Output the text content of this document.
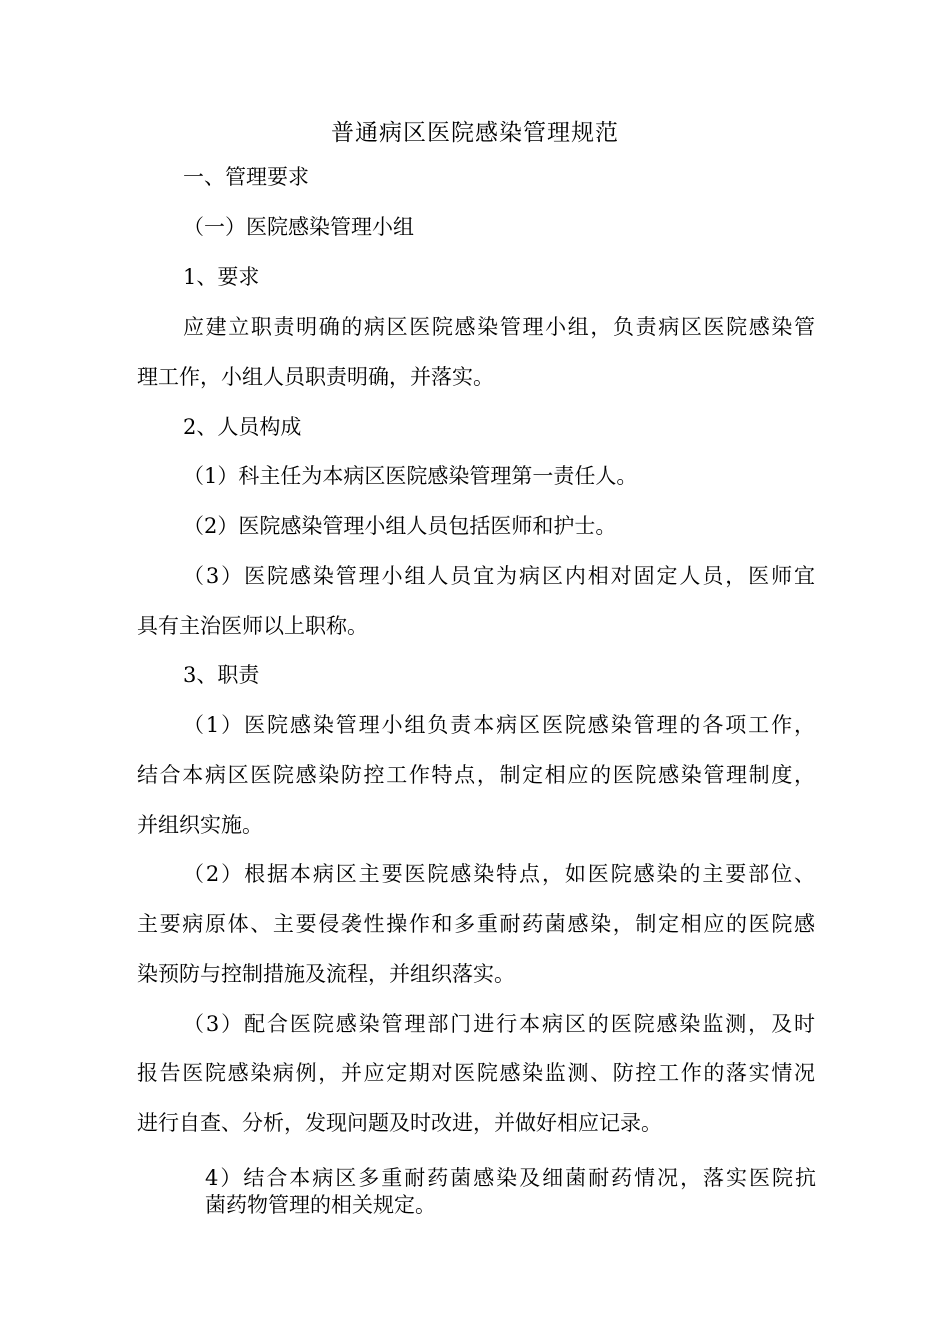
普通病区医院感染管理规范
一、管理要求
（一）医院感染管理小组
1、要求
应建立职责明确的病区医院感染管理小组，负责病区医院感染管
理工作，小组人员职责明确，并落实。
2、人员构成
（1）科主任为本病区医院感染管理第一责任人。
（2）医院感染管理小组人员包括医师和护士。
（3）医院感染管理小组人员宜为病区内相对固定人员，医师宜
具有主治医师以上职称。
3、职责
（1）医院感染管理小组负责本病区医院感染管理的各项工作，
结合本病区医院感染防控工作特点，制定相应的医院感染管理制度，
并组织实施。
（2）根据本病区主要医院感染特点，如医院感染的主要部位、
主要病原体、主要侵袭性操作和多重耐药菌感染，制定相应的医院感
染预防与控制措施及流程，并组织落实。
（3）配合医院感染管理部门进行本病区的医院感染监测，及时
报告医院感染病例，并应定期对医院感染监测、防控工作的落实情况
进行自查、分析，发现问题及时改进，并做好相应记录。
4）结合本病区多重耐药菌感染及细菌耐药情况，落实医院抗
菌药物管理的相关规定。
